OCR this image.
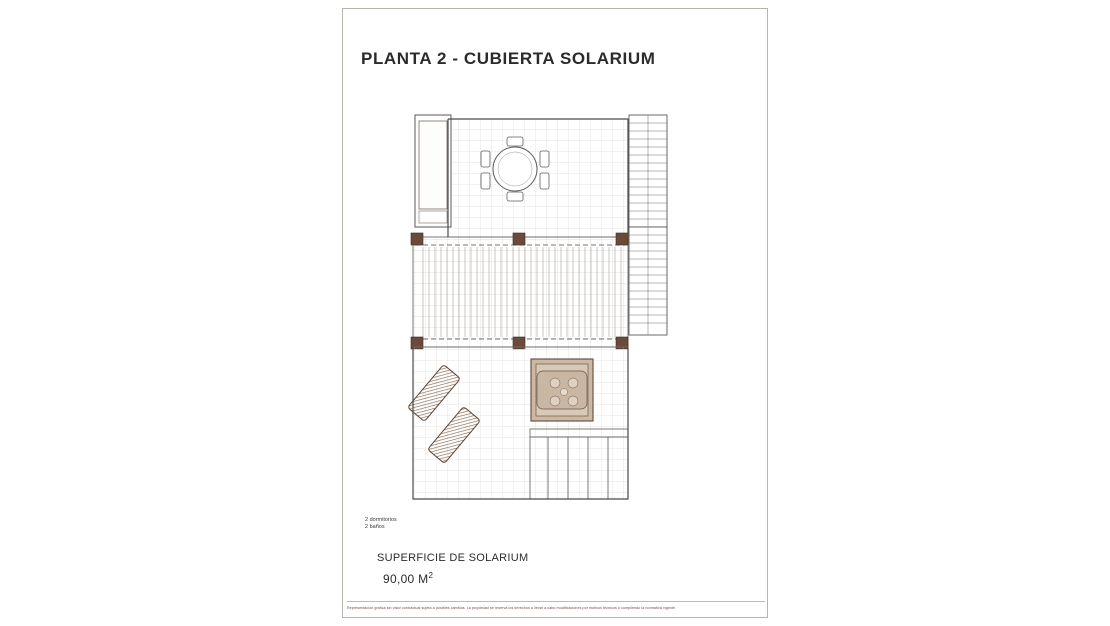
PLANTA 2 - CUBIERTA SOLARIUM
2 dormitorios
2 baños
SUPERFICIE DE SOLARIUM
90,00 $M^2$
Representación gráfica sin valor contractual sujeta a posibles cambios. La propiedad se reserva los derechos a llevar a cabo modificaciones por motivos técnicos o cumpliendo la normativa vigente.
